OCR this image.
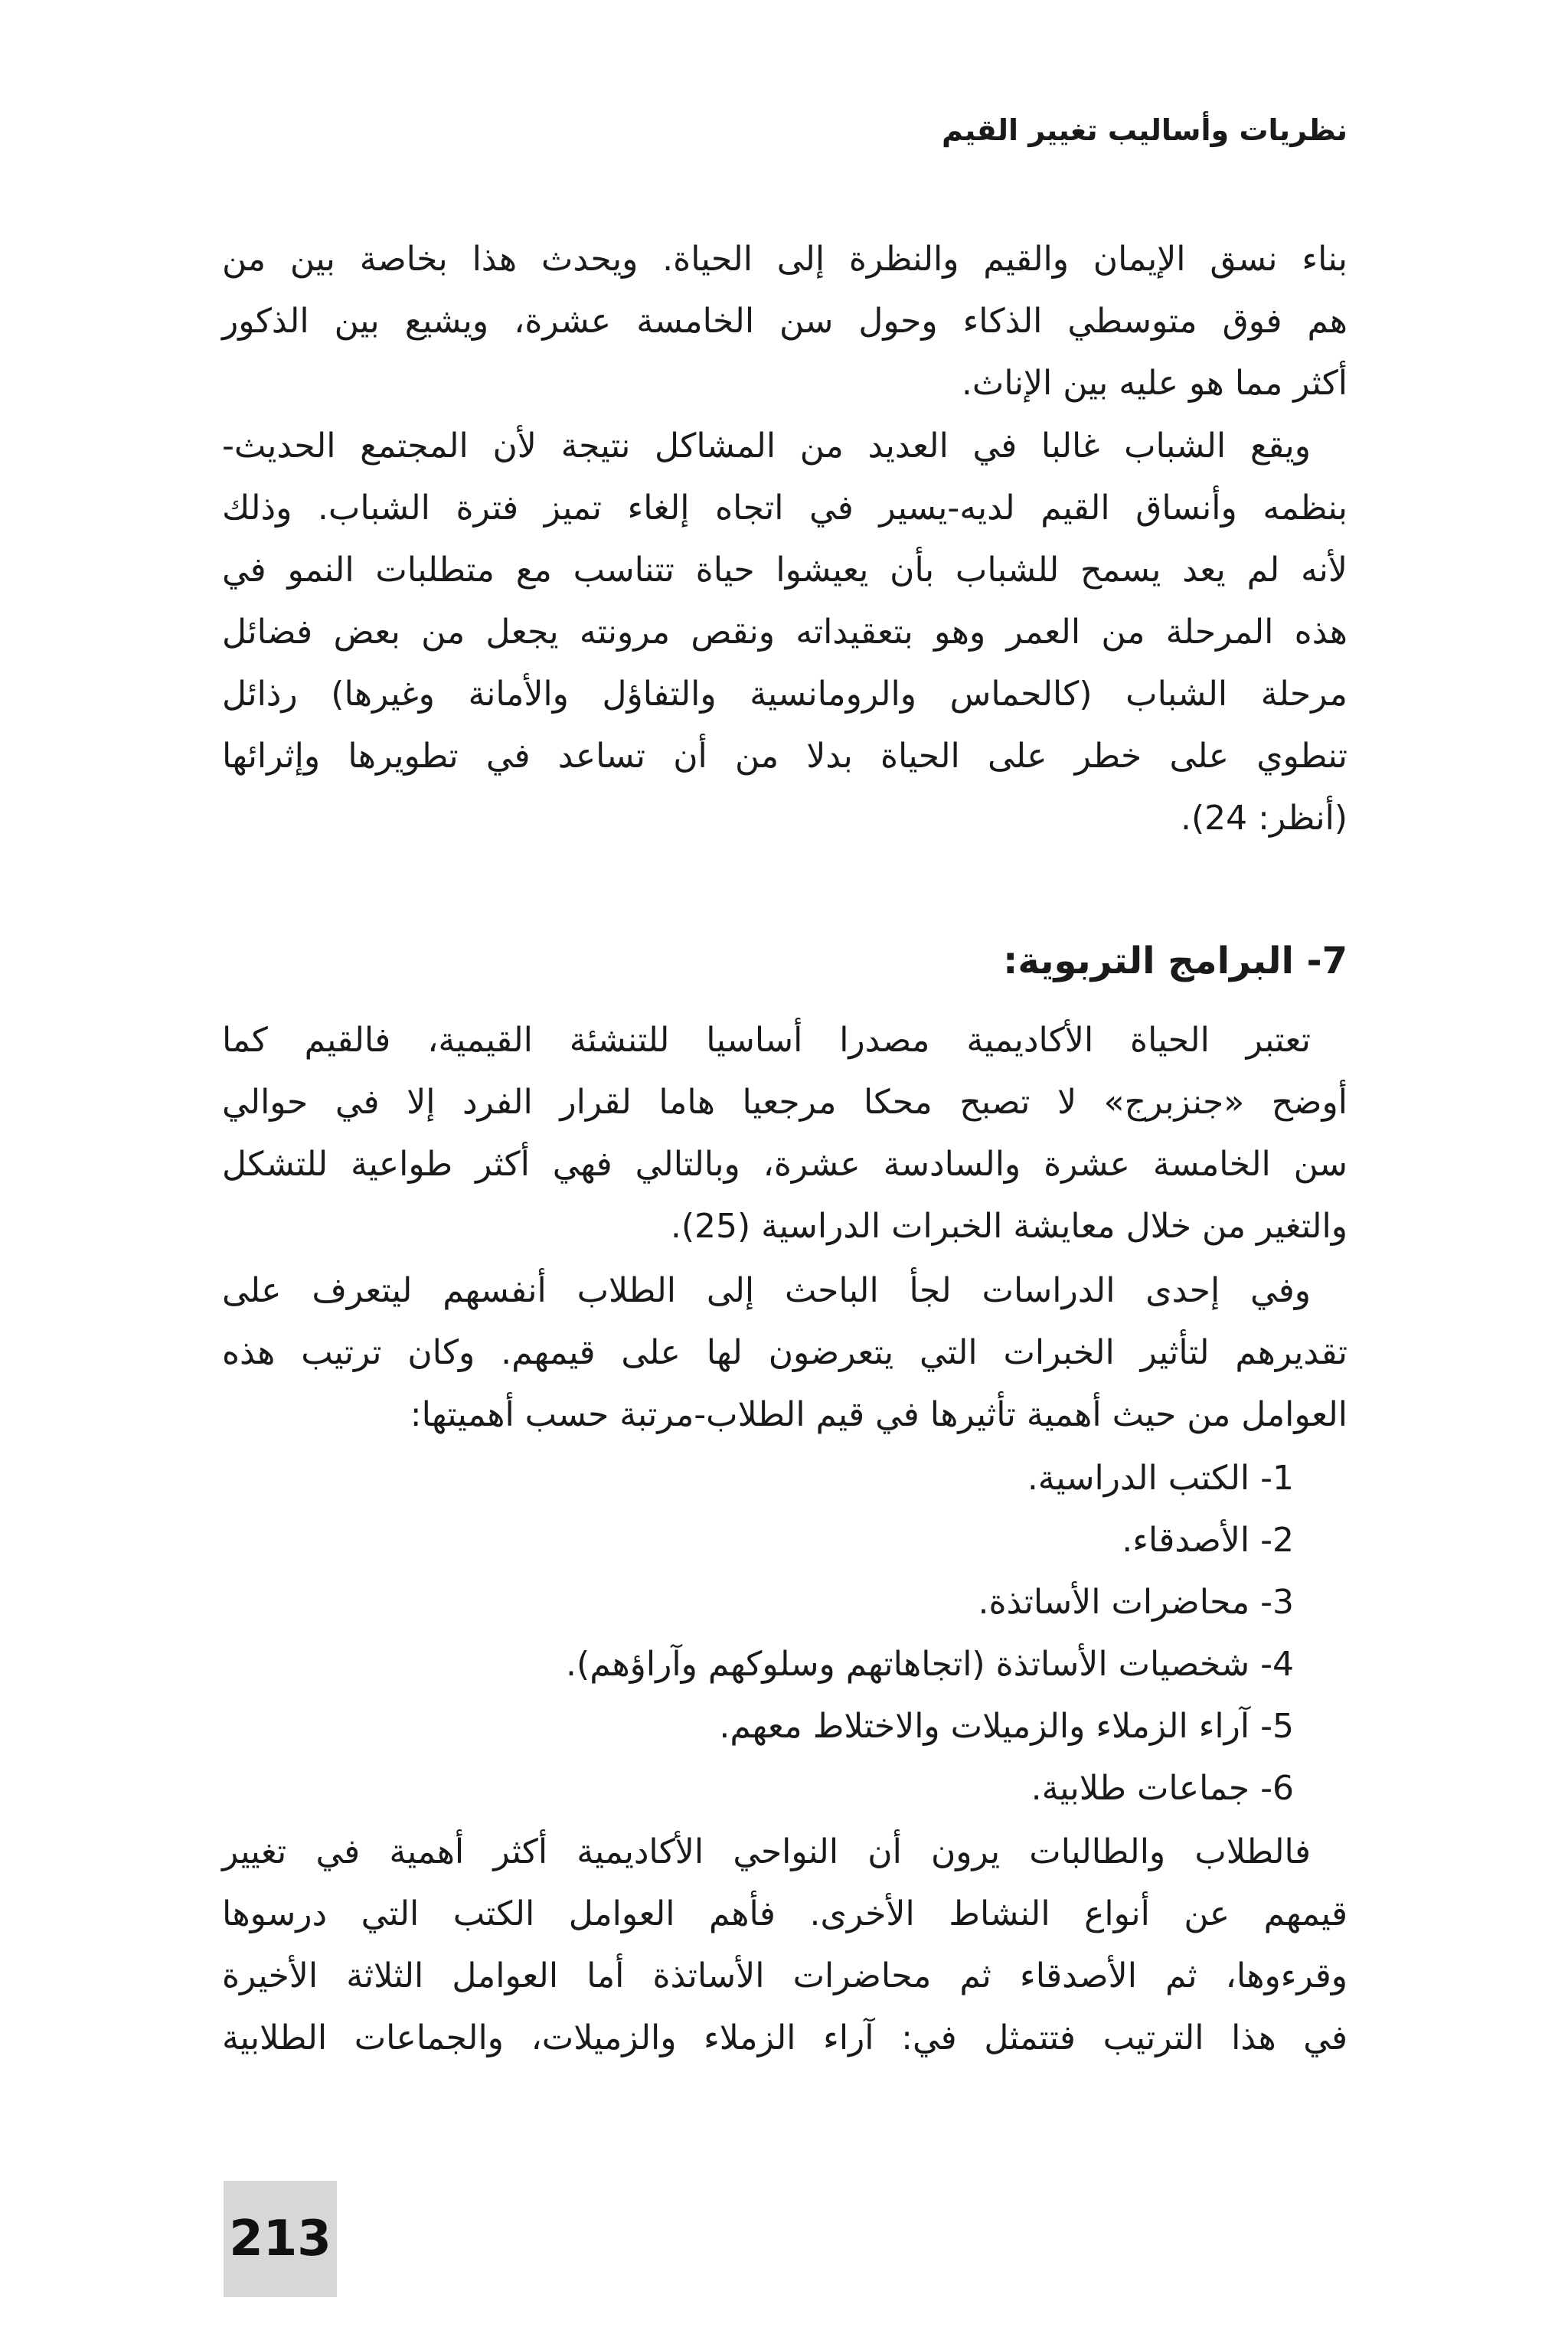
نظريات وأساليب تغيير القيم
بناء نسق الإيمان والقيم والنظرة إلى الحياة. ويحدث هذا بخاصة بين من
هم فوق متوسطي الذكاء وحول سن الخامسة عشرة، ويشيع بين الذكور
أكثر مما هو عليه بين الإناث.
ويقع الشباب غالبا في العديد من المشاكل نتيجة لأن المجتمع الحديث-
بنظمه وأنساق القيم لديه-يسير في اتجاه إلغاء تميز فترة الشباب. وذلك
لأنه لم يعد يسمح للشباب بأن يعيشوا حياة تتناسب مع متطلبات النمو في
هذه المرحلة من العمر وهو بتعقيداته ونقص مرونته يجعل من بعض فضائل
مرحلة الشباب (كالحماس والرومانسية والتفاؤل والأمانة وغيرها) رذائل
تنطوي على خطر على الحياة بدلا من أن تساعد في تطويرها وإثرائها
(أنظر: 24).
7- البرامج التربوية:
تعتبر الحياة الأكاديمية مصدرا أساسيا للتنشئة القيمية، فالقيم كما
أوضح «جنزبرج» لا تصبح محكا مرجعيا هاما لقرار الفرد إلا في حوالي
سن الخامسة عشرة والسادسة عشرة، وبالتالي فهي أكثر طواعية للتشكل
والتغير من خلال معايشة الخبرات الدراسية (25).
وفي إحدى الدراسات لجأ الباحث إلى الطلاب أنفسهم ليتعرف على
تقديرهم لتأثير الخبرات التي يتعرضون لها على قيمهم. وكان ترتيب هذه
العوامل من حيث أهمية تأثيرها في قيم الطلاب-مرتبة حسب أهميتها:
1- الكتب الدراسية.
2- الأصدقاء.
3- محاضرات الأساتذة.
4- شخصيات الأساتذة (اتجاهاتهم وسلوكهم وآراؤهم).
5- آراء الزملاء والزميلات والاختلاط معهم.
6- جماعات طلابية.
فالطلاب والطالبات يرون أن النواحي الأكاديمية أكثر أهمية في تغيير
قيمهم عن أنواع النشاط الأخرى. فأهم العوامل الكتب التي درسوها
وقرءوها، ثم الأصدقاء ثم محاضرات الأساتذة أما العوامل الثلاثة الأخيرة
في هذا الترتيب فتتمثل في: آراء الزملاء والزميلات، والجماعات الطلابية
213
